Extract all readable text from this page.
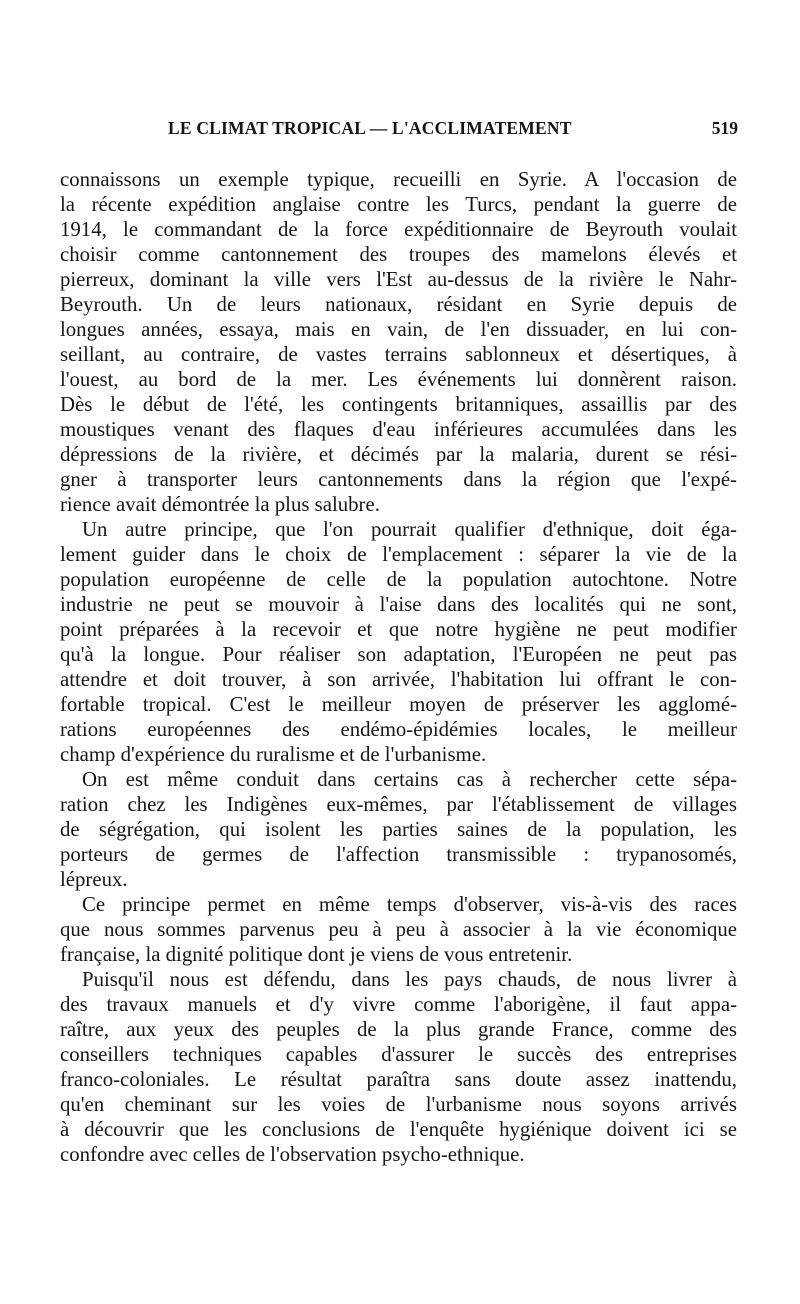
LE CLIMAT TROPICAL — L'ACCLIMATEMENT	519
connaissons un exemple typique, recueilli en Syrie. A l'occasion de
la récente expédition anglaise contre les Turcs, pendant la guerre de
1914, le commandant de la force expéditionnaire de Beyrouth voulait
choisir comme cantonnement des troupes des mamelons élevés et
pierreux, dominant la ville vers l'Est au-dessus de la rivière le Nahr-
Beyrouth. Un de leurs nationaux, résidant en Syrie depuis de
longues années, essaya, mais en vain, de l'en dissuader, en lui con-
seillant, au contraire, de vastes terrains sablonneux et désertiques, à
l'ouest, au bord de la mer. Les événements lui donnèrent raison.
Dès le début de l'été, les contingents britanniques, assaillis par des
moustiques venant des flaques d'eau inférieures accumulées dans les
dépressions de la rivière, et décimés par la malaria, durent se rési-
gner à transporter leurs cantonnements dans la région que l'expé-
rience avait démontrée la plus salubre.
Un autre principe, que l'on pourrait qualifier d'ethnique, doit éga-
lement guider dans le choix de l'emplacement : séparer la vie de la
population européenne de celle de la population autochtone. Notre
industrie ne peut se mouvoir à l'aise dans des localités qui ne sont,
point préparées à la recevoir et que notre hygiène ne peut modifier
qu'à la longue. Pour réaliser son adaptation, l'Européen ne peut pas
attendre et doit trouver, à son arrivée, l'habitation lui offrant le con-
fortable tropical. C'est le meilleur moyen de préserver les agglomé-
rations européennes des endémo-épidémies locales, le meilleur
champ d'expérience du ruralisme et de l'urbanisme.
On est même conduit dans certains cas à rechercher cette sépa-
ration chez les Indigènes eux-mêmes, par l'établissement de villages
de ségrégation, qui isolent les parties saines de la population, les
porteurs de germes de l'affection transmissible : trypanosomés,
lépreux.
Ce principe permet en même temps d'observer, vis-à-vis des races
que nous sommes parvenus peu à peu à associer à la vie économique
française, la dignité politique dont je viens de vous entretenir.
Puisqu'il nous est défendu, dans les pays chauds, de nous livrer à
des travaux manuels et d'y vivre comme l'aborigène, il faut appa-
raître, aux yeux des peuples de la plus grande France, comme des
conseillers techniques capables d'assurer le succès des entreprises
franco-coloniales. Le résultat paraîtra sans doute assez inattendu,
qu'en cheminant sur les voies de l'urbanisme nous soyons arrivés
à découvrir que les conclusions de l'enquête hygiénique doivent ici se
confondre avec celles de l'observation psycho-ethnique.
